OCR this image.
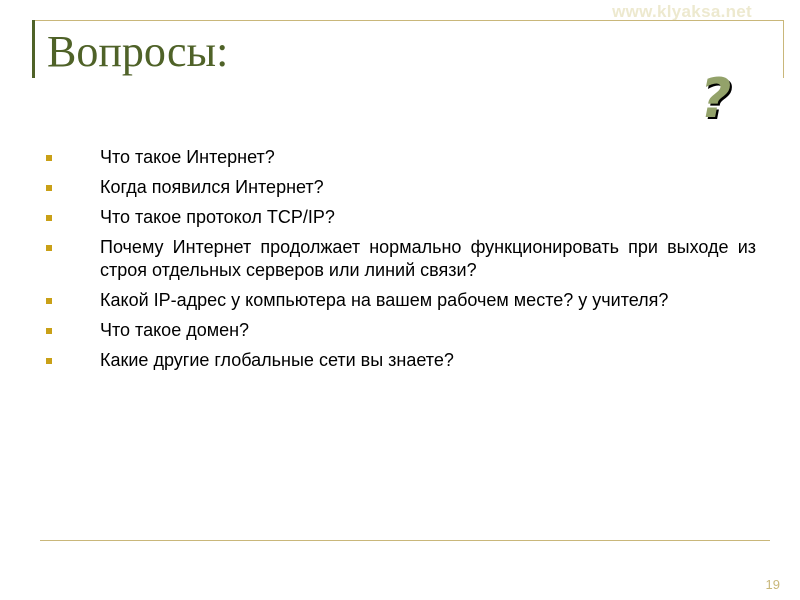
www.klyaksa.net
Вопросы:
?
Что такое Интернет?
Когда появился Интернет?
Что такое протокол TCP/IP?
Почему Интернет продолжает нормально функционировать при выходе из строя отдельных серверов или линий связи?
Какой IP-адрес у компьютера на вашем рабочем месте? у учителя?
Что такое домен?
Какие другие глобальные сети вы знаете?
19
